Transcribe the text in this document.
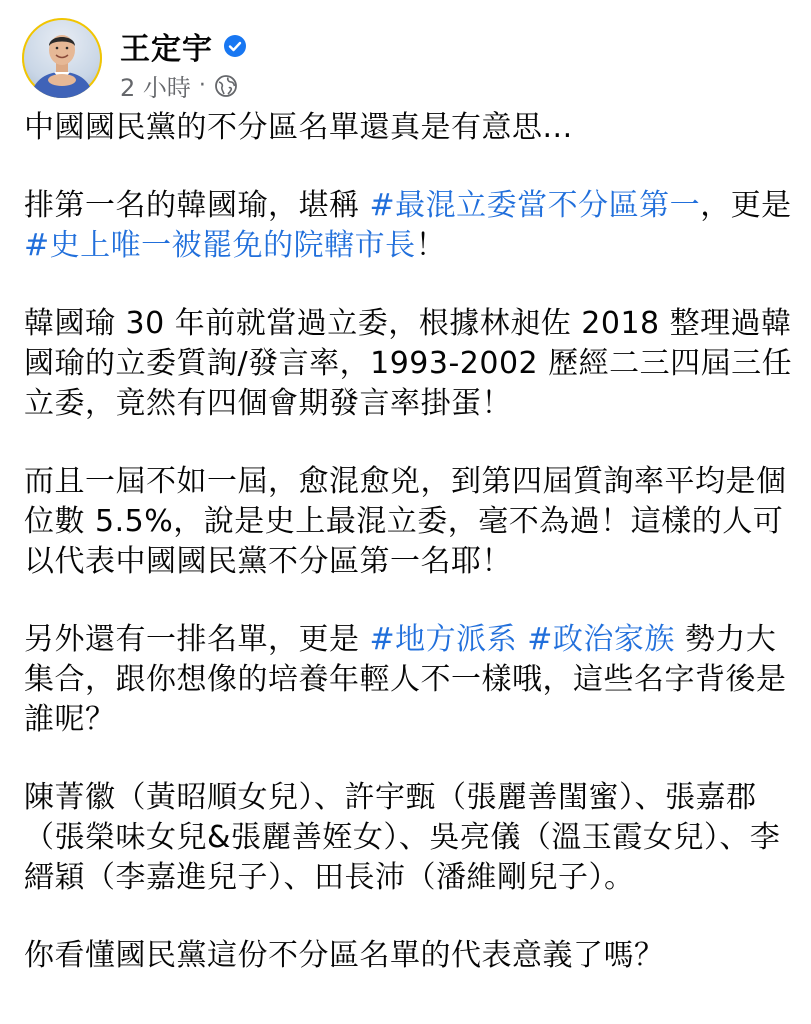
王定宇
2 小時 ·

中國國民黨的不分區名單還真是有意思...

排第一名的韓國瑜，堪稱 #最混立委當不分區第一，更是 #史上唯一被罷免的院轄市長！

韓國瑜 30 年前就當過立委，根據林昶佐 2018 整理過韓國瑜的立委質詢/發言率，1993-2002 歷經二三四屆三任立委，竟然有四個會期發言率掛蛋！

而且一屆不如一屆，愈混愈兇，到第四屆質詢率平均是個位數 5.5%，說是史上最混立委，毫不為過！這樣的人可以代表中國國民黨不分區第一名耶！

另外還有一排名單，更是 #地方派系 #政治家族 勢力大集合，跟你想像的培養年輕人不一樣哦，這些名字背後是誰呢？

陳菁徽（黃昭順女兒）、許宇甄（張麗善閨蜜）、張嘉郡（張榮味女兒&張麗善姪女）、吳亮儀（溫玉霞女兒）、李縉穎（李嘉進兒子）、田長沛（潘維剛兒子）。

你看懂國民黨這份不分區名單的代表意義了嗎？
